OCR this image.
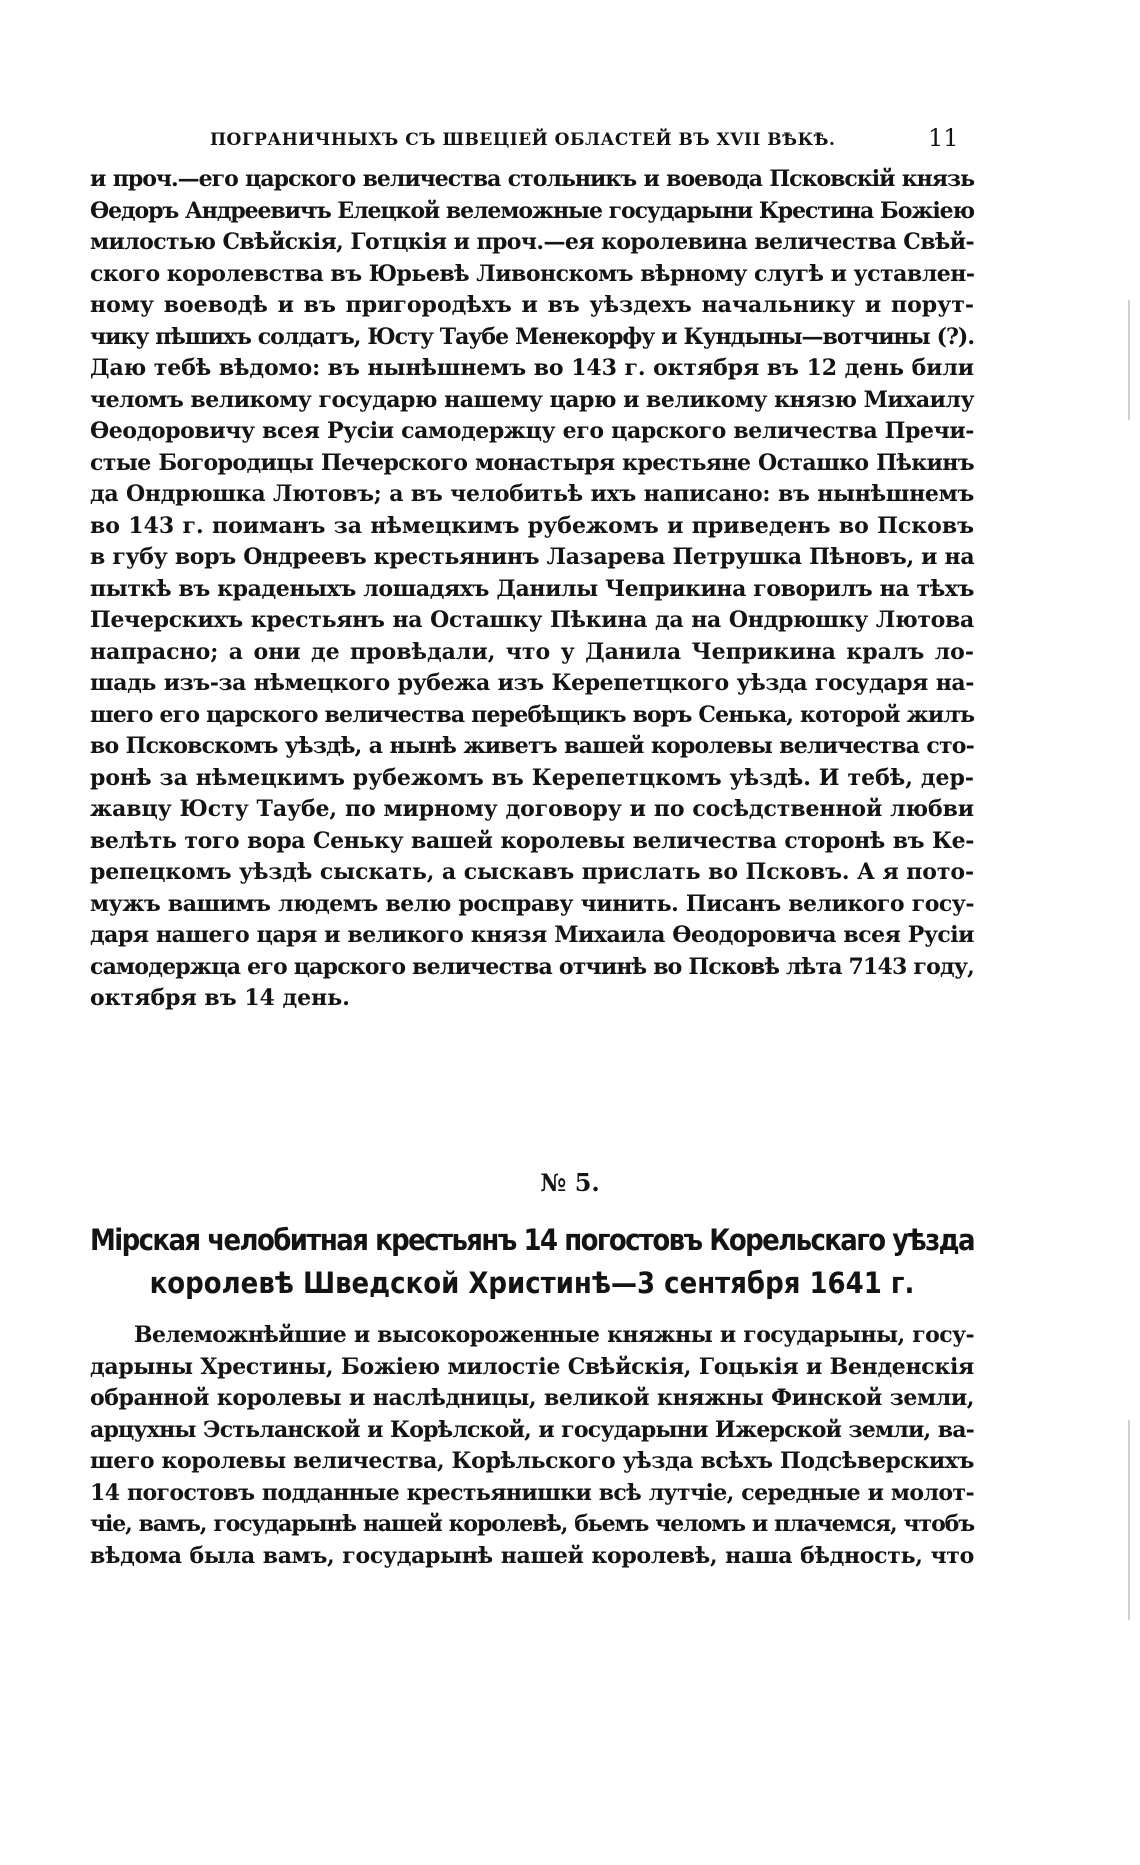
ПОГРАНИЧНЫХЪ СЪ ШВЕЦІЕЙ ОБЛАСТЕЙ ВЪ XVII ВѢКѢ.	11
и проч.—его царского величества стольникъ и воевода Псковскій князь
Ѳедоръ Андреевичъ Елецкой велеможные государыни Крестина Божіею
милостью Свѣйскія, Готцкія и проч.—ея королевина величества Свѣй-
ского королевства въ Юрьевѣ Ливонскомъ вѣрному слугѣ и уставлен-
ному воеводѣ и въ пригородѣхъ и въ уѣздехъ начальнику и порут-
чику пѣшихъ солдатъ, Юсту Таубе Менекорфу и Кундыны—вотчины (?).
Даю тебѣ вѣдомо: въ нынѣшнемъ во 143 г. октября въ 12 день били
челомъ великому государю нашему царю и великому князю Михаилу
Ѳеодоровичу всея Русіи самодержцу его царского величества Пречи-
стые Богородицы Печерского монастыря крестьяне Осташко Пѣкинъ
да Ондрюшка Лютовъ; а въ челобитьѣ ихъ написано: въ нынѣшнемъ
во 143 г. поиманъ за нѣмецкимъ рубежомъ и приведенъ во Псковъ
в губу воръ Ондреевъ крестьянинъ Лазарева Петрушка Пѣновъ, и на
пыткѣ въ краденыхъ лошадяхъ Данилы Чеприкина говорилъ на тѣхъ
Печерскихъ крестьянъ на Осташку Пѣкина да на Ондрюшку Лютова
напрасно; а они де провѣдали, что у Данила Чеприкина кралъ ло-
шадь изъ-за нѣмецкого рубежа изъ Керепетцкого уѣзда государя на-
шего его царского величества перебѣщикъ воръ Сенька, которой жилъ
во Псковскомъ уѣздѣ, а нынѣ живетъ вашей королевы величества сто-
ронѣ за нѣмецкимъ рубежомъ въ Керепетцкомъ уѣздѣ. И тебѣ, дер-
жавцу Юсту Таубе, по мирному договору и по сосѣдственной любви
велѣть того вора Сеньку вашей королевы величества сторонѣ въ Ке-
репецкомъ уѣздѣ сыскать, а сыскавъ прислать во Псковъ. А я пото-
мужъ вашимъ людемъ велю росправу чинить. Писанъ великого госу-
даря нашего царя и великого князя Михаила Ѳеодоровича всея Русіи
самодержца его царского величества отчинѣ во Псковѣ лѣта 7143 году,
октября въ 14 день.
№ 5.
Мірская челобитная крестьянъ 14 погостовъ Корельскаго уѣзда
королевѣ Шведской Христинѣ—3 сентября 1641 г.
Велеможнѣйшие и высокороженные княжны и государыны, госу-
дарыны Хрестины, Божіею милостіе Свѣйскія, Гоцькія и Венденскія
обранной королевы и наслѣдницы, великой княжны Финской земли,
арцухны Эстьланской и Корѣлской, и государыни Ижерской земли, ва-
шего королевы величества, Корѣльского уѣзда всѣхъ Подсѣверскихъ
14 погостовъ подданные крестьянишки всѣ лутчіе, середные и молот-
чіе, вамъ, государынѣ нашей королевѣ, бьемъ челомъ и плачемся, чтобъ
вѣдома была вамъ, государынѣ нашей королевѣ, наша бѣдность, что
